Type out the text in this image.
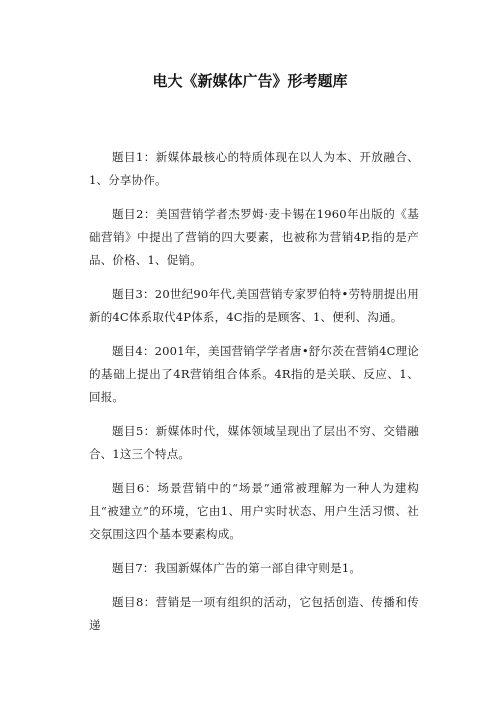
电大《新媒体广告》形考题库

题目1：新媒体最核心的特质体现在以人为本、开放融合、1、分享协作。

题目2：美国营销学者杰罗姆·麦卡锡在1960年出版的《基础营销》中提出了营销的四大要素，也被称为营销4P,指的是产品、价格、1、促销。

题目3：20世纪90年代,美国营销专家罗伯特•劳特朋提出用新的4C体系取代4P体系，4C指的是顾客、1、便利、沟通。

题目4：2001年，美国营销学学者唐•舒尔茨在营销4C理论的基础上提出了4R营销组合体系。4R指的是关联、反应、1、回报。

题目5：新媒体时代，媒体领域呈现出了层出不穷、交错融合、1这三个特点。

题目6：场景营销中的“场景”通常被理解为一种人为建构且“被建立”的环境，它由1、用户实时状态、用户生活习惯、社交氛围这四个基本要素构成。

题目7：我国新媒体广告的第一部自律守则是1。

题目8：营销是一项有组织的活动，它包括创造、传播和传递
